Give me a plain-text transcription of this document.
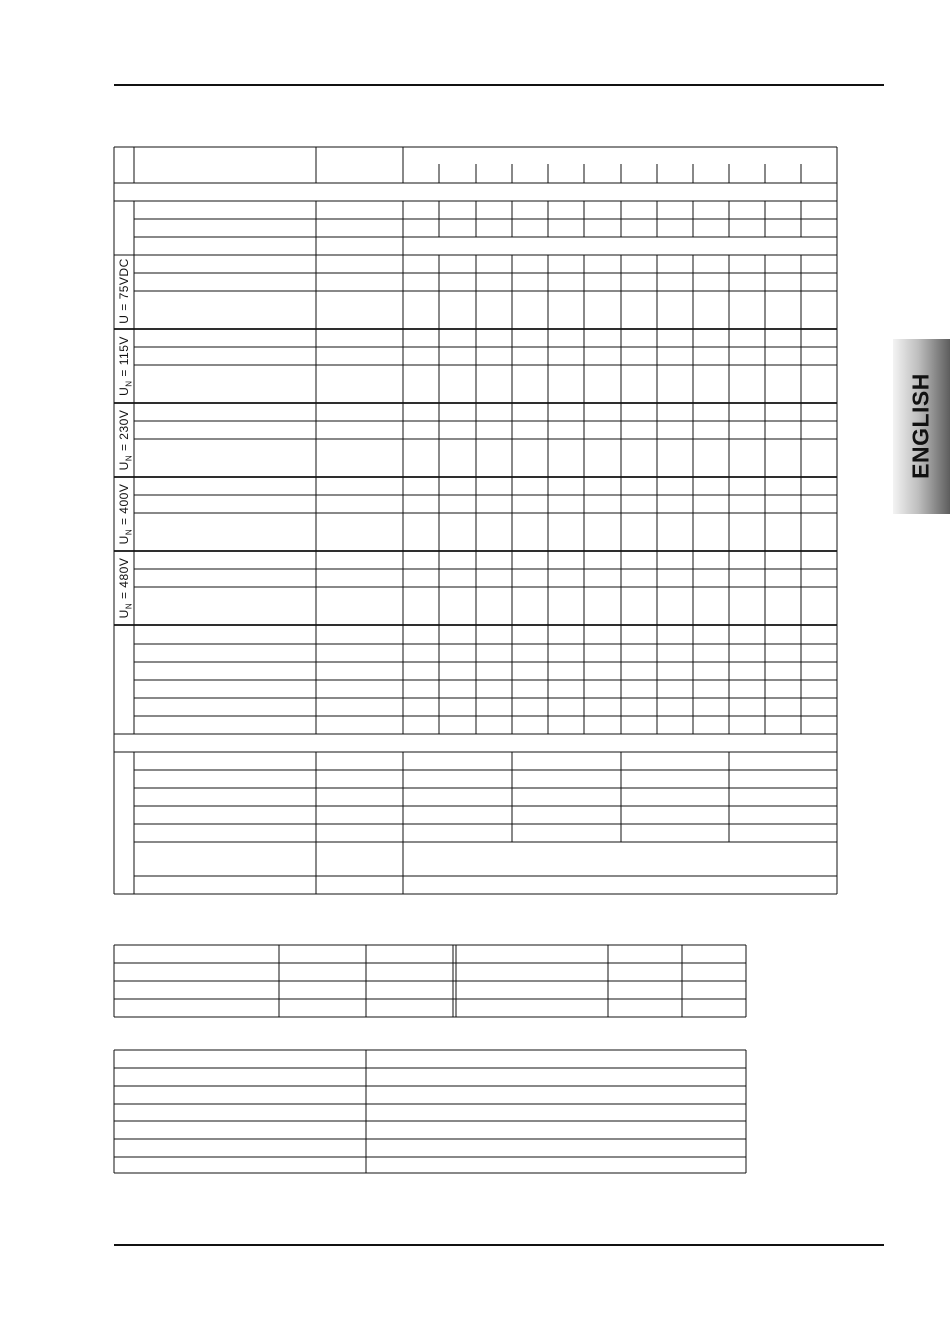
U = 75VDC
$U_N = 115V$
$U_N = 230V$
$U_N = 400V$
$U_N = 480V$
ENGLISH
